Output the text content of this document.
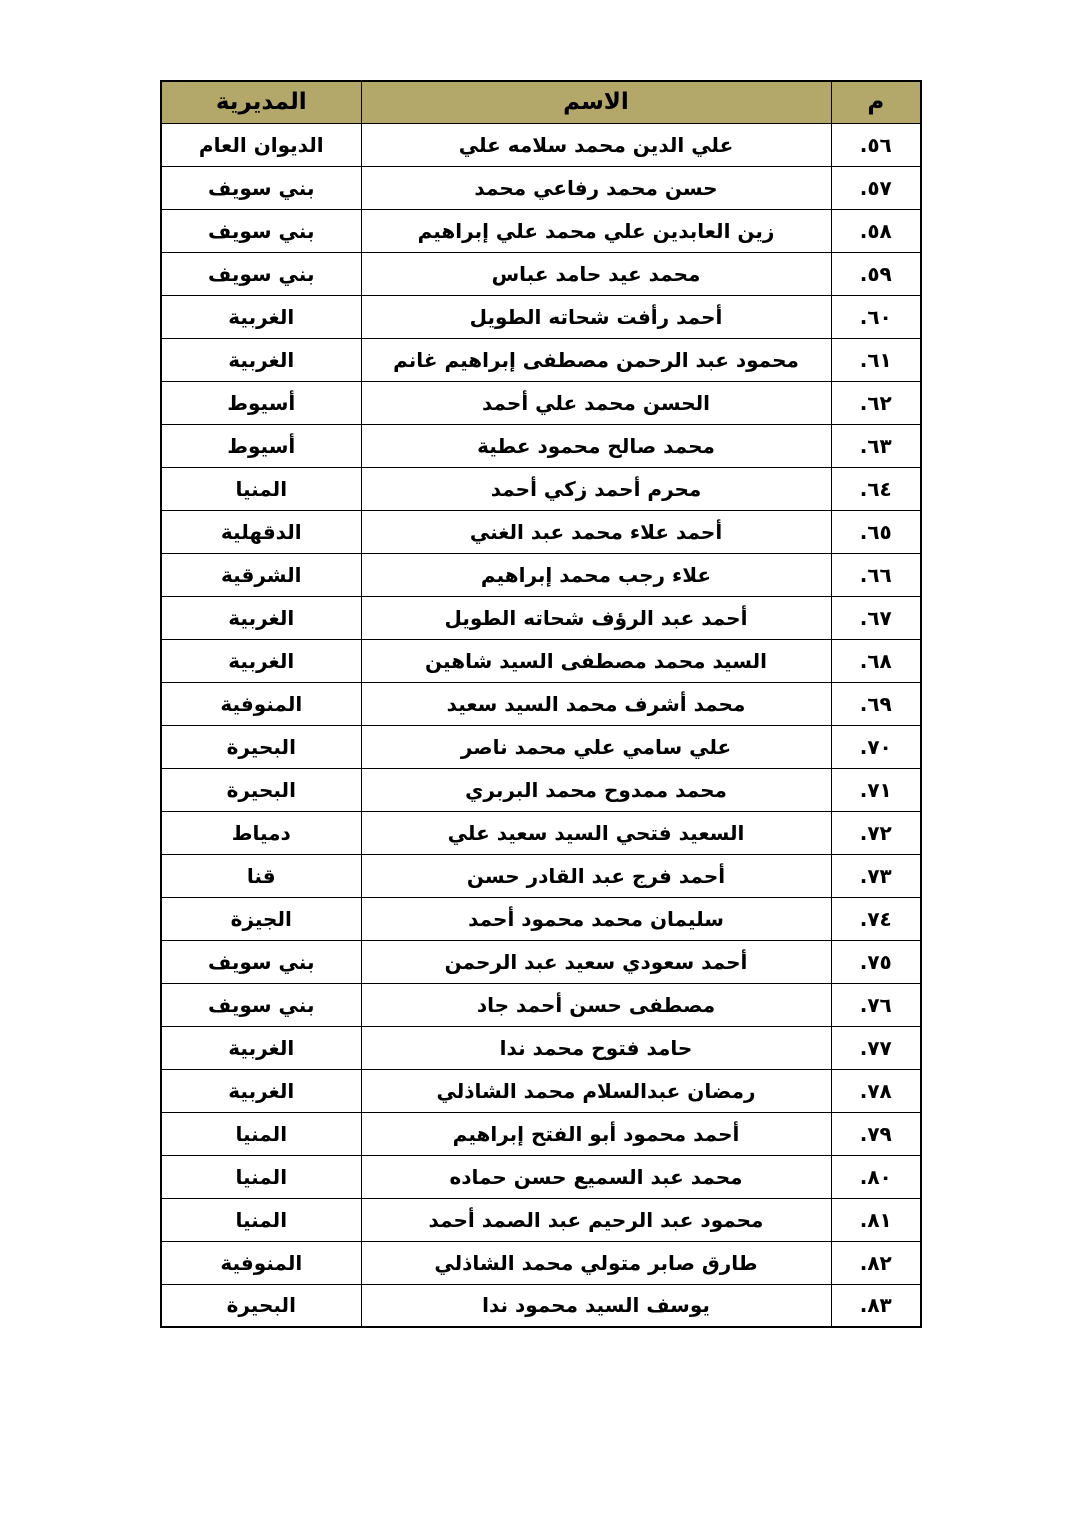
م	الاسم	المديرية
٥٦.	علي الدين محمد سلامه علي	الديوان العام
٥٧.	حسن محمد رفاعي محمد	بني سويف
٥٨.	زين العابدين علي محمد علي إبراهيم	بني سويف
٥٩.	محمد عيد حامد عباس	بني سويف
٦٠.	أحمد رأفت شحاته الطويل	الغربية
٦١.	محمود عبد الرحمن مصطفى إبراهيم غانم	الغربية
٦٢.	الحسن محمد علي أحمد	أسيوط
٦٣.	محمد صالح محمود عطية	أسيوط
٦٤.	محرم أحمد زكي أحمد	المنيا
٦٥.	أحمد علاء محمد عبد الغني	الدقهلية
٦٦.	علاء رجب محمد إبراهيم	الشرقية
٦٧.	أحمد عبد الرؤف شحاته الطويل	الغربية
٦٨.	السيد محمد مصطفى السيد شاهين	الغربية
٦٩.	محمد أشرف محمد السيد سعيد	المنوفية
٧٠.	علي سامي علي محمد ناصر	البحيرة
٧١.	محمد ممدوح محمد البربري	البحيرة
٧٢.	السعيد فتحي السيد سعيد علي	دمياط
٧٣.	أحمد فرج عبد القادر حسن	قنا
٧٤.	سليمان محمد محمود أحمد	الجيزة
٧٥.	أحمد سعودي سعيد عبد الرحمن	بني سويف
٧٦.	مصطفى حسن أحمد جاد	بني سويف
٧٧.	حامد فتوح محمد ندا	الغربية
٧٨.	رمضان عبدالسلام محمد الشاذلي	الغربية
٧٩.	أحمد محمود أبو الفتح إبراهيم	المنيا
٨٠.	محمد عبد السميع حسن حماده	المنيا
٨١.	محمود عبد الرحيم عبد الصمد أحمد	المنيا
٨٢.	طارق صابر متولي محمد الشاذلي	المنوفية
٨٣.	يوسف السيد محمود ندا	البحيرة
